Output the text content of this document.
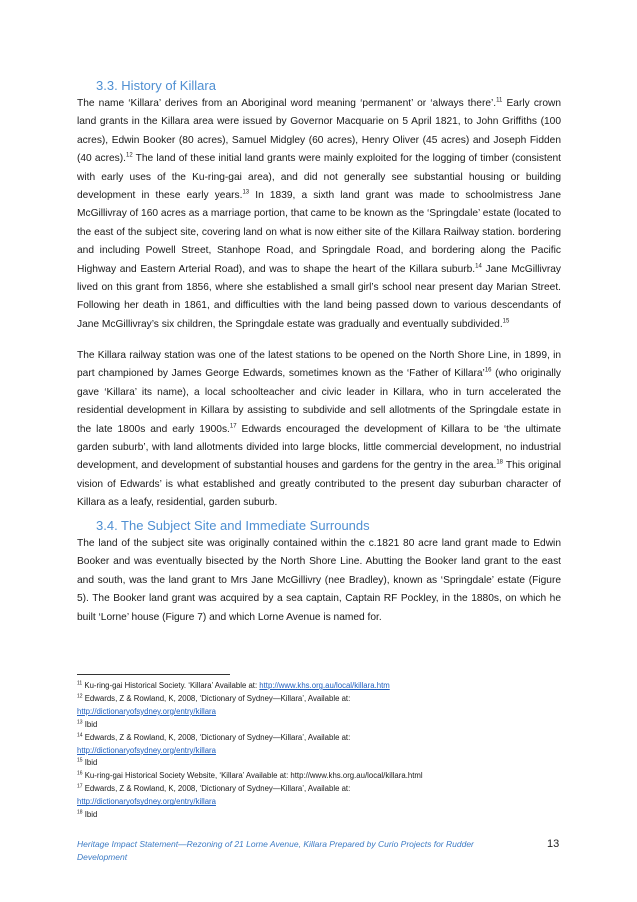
3.3. History of Killara

The name ‘Killara’ derives from an Aboriginal word meaning ‘permanent’ or ‘always there’.$^{11}$ Early crown land grants in the Killara area were issued by Governor Macquarie on 5 April 1821, to John Griffiths (100 acres), Edwin Booker (80 acres), Samuel Midgley (60 acres), Henry Oliver (45 acres) and Joseph Fidden (40 acres).$^{12}$ The land of these initial land grants were mainly exploited for the logging of timber (consistent with early uses of the Ku-ring-gai area), and did not generally see substantial housing or building development in these early years.$^{13}$ In 1839, a sixth land grant was made to schoolmistress Jane McGillivray of 160 acres as a marriage portion, that came to be known as the ‘Springdale’ estate (located to the east of the subject site, covering land on what is now either site of the Killara Railway station. bordering and including Powell Street, Stanhope Road, and Springdale Road, and bordering along the Pacific Highway and Eastern Arterial Road), and was to shape the heart of the Killara suburb.$^{14}$ Jane McGillivray lived on this grant from 1856, where she established a small girl’s school near present day Marian Street. Following her death in 1861, and difficulties with the land being passed down to various descendants of Jane McGillivray’s six children, the Springdale estate was gradually and eventually subdivided.$^{15}$

The Killara railway station was one of the latest stations to be opened on the North Shore Line, in 1899, in part championed by James George Edwards, sometimes known as the ‘Father of Killara’$^{16}$ (who originally gave ‘Killara’ its name), a local schoolteacher and civic leader in Killara, who in turn accelerated the residential development in Killara by assisting to subdivide and sell allotments of the Springdale estate in the late 1800s and early 1900s.$^{17}$ Edwards encouraged the development of Killara to be ‘the ultimate garden suburb’, with land allotments divided into large blocks, little commercial development, no industrial development, and development of substantial houses and gardens for the gentry in the area.$^{18}$ This original vision of Edwards’ is what established and greatly contributed to the present day suburban character of Killara as a leafy, residential, garden suburb.

3.4. The Subject Site and Immediate Surrounds

The land of the subject site was originally contained within the c.1821 80 acre land grant made to Edwin Booker and was eventually bisected by the North Shore Line. Abutting the Booker land grant to the east and south, was the land grant to Mrs Jane McGillivry (nee Bradley), known as ‘Springdale’ estate (Figure 5). The Booker land grant was acquired by a sea captain, Captain RF Pockley, in the 1880s, on which he built ‘Lorne’ house (Figure 7) and which Lorne Avenue is named for.

$^{11}$ Ku-ring-gai Historical Society. ‘Killara’ Available at: http://www.khs.org.au/local/killara.htm

$^{12}$ Edwards, Z & Rowland, K, 2008, ‘Dictionary of Sydney—Killara’, Available at:

http://dictionaryofsydney.org/entry/killara

$^{13}$ Ibid

$^{14}$ Edwards, Z & Rowland, K, 2008, ‘Dictionary of Sydney—Killara’, Available at:

http://dictionaryofsydney.org/entry/killara

$^{15}$ Ibid

$^{16}$ Ku-ring-gai Historical Society Website, ‘Killara’ Available at: http://www.khs.org.au/local/killara.html

$^{17}$ Edwards, Z & Rowland, K, 2008, ‘Dictionary of Sydney—Killara’, Available at:

http://dictionaryofsydney.org/entry/killara

$^{18}$ Ibid

Heritage Impact Statement—Rezoning of 21 Lorne Avenue, Killara Prepared by Curio Projects for Rudder Development

13
